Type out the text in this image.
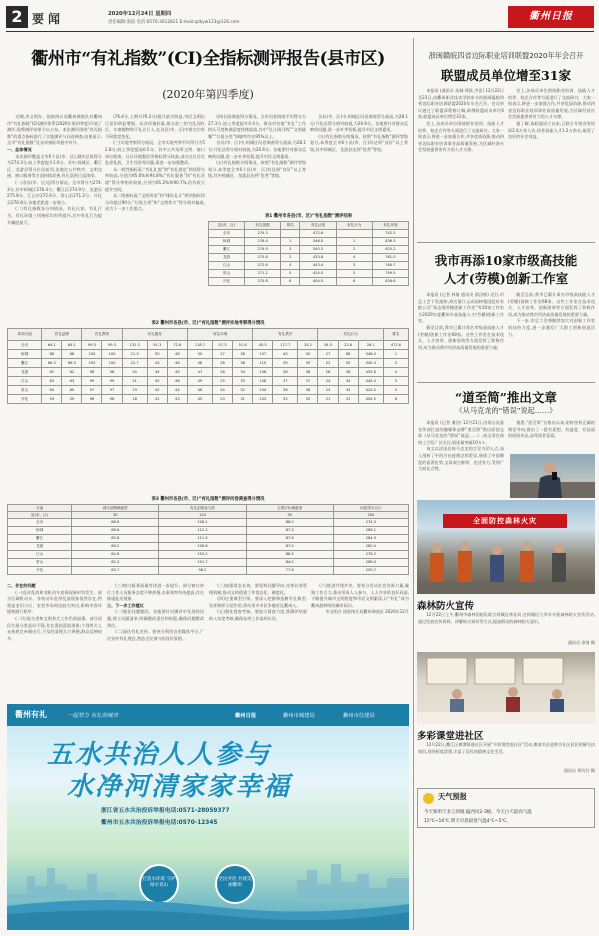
2 要闻	2020年12月24日 星期四
责任编辑:张拓 电话:0570-3012821 E-mail:qzbyw123@126.com
衢州日报
衢州市“有礼指数”(CI)全指标测评报告(县市区)
(2020年第四季度)

近期,市文明办、国家统计局衢州调查队对衢州市“有礼指数”(CI)测评体系(2020年第四季度)开展了测评,现将测评结果予以公布。本次测评围绕“有礼指数”的重点指标进行了实地测评与问卷调查,结果显示,全市“有礼指数”及各项指标均稳中有升。

一、总体情况

本次测评覆盖全市6个县(市、区),测评总体得分为274.3分,较上季度提升1.6分。其中,柯城区、衢江区、龙游县得分位居前列,各地在公共秩序、文明交通、窗口服务等方面持续改善,有礼氛围日益浓厚。

(一)各县(市、区)总得分情况。全市得分为274.3分,其中柯城区276.4分、衢江区274.9分、龙游县275.8分、江山市272.6分、常山县271.2分、开化县270.8分,各地差距进一步缩小。

(二)有礼指数各分项情况。有礼认知、有礼行为、有礼环境三项指标均有所提升,其中有礼行为提升幅度最大。

(76.4分,上期为76.2分)提升最为明显,市民文明出行意识明显增强。从各项指标看,排名前三的为乱闯红灯、车窗抛物和不礼让行人,在各县(市、区)中排名均有不同程度变化。

(三)实地考察得分情况。全市实地考察平均得分为52.8分,较上季度提高0.5分。其中公共场所文明、窗口单位服务、社区环境整治等指标得分较高,部分点位存在乱停乱放、卫生死角等问题,需进一步加强整改。

从一般性指标看,“有礼礼貌”和“有礼规范”两项得分率较高,分别为95.6%和94.8%;“有礼服务”和“有礼环境”得分率相对较低,分别为91.2%和90.7%,仍有较大提升空间。

从二级指标看,“文明用语”和“排队礼让”两项指标得分均超过90分,“垃圾分类”和“文明养犬”得分相对偏低,成为下一步工作重点。

(四)问卷调查得分情况。全市问卷调查平均得分为27.3分,较上季度提升0.4分。群众对各地“有礼”工作的认可度和满意度持续提高,其中“礼让斑马线”“文明就餐”“垃圾分类”知晓率均在95%以上。

各县(市、区)中,柯城区问卷调查得分最高,为28.1分;开化县得分相对较低,为26.6分。各地要针对群众反映的问题,进一步补齐短板,提升市民文明素质。

(五)有礼指数分级情况。按照“有礼指数”测评等级划分,本季度全市6个县(市、区)均达到“良好”以上等级,其中柯城区、龙游县达到“优秀”等级。

各县(市、区)中,柯城区问卷调查得分最高,为28.1分;开化县得分相对较低,为26.6分。各地要针对群众反映的问题,进一步补齐短板,提升市民文明素质。

(五)有礼指数分级情况。按照“有礼指数”测评等级划分,本季度全市6个县(市、区)均达到“良好”以上等级,其中柯城区、龙游县达到“优秀”等级。

表1 衢州市各县(市、区)“有礼指数”测评结果
县(市、区)	有礼指数	排名	有礼认知	有礼行为	有礼环境
全市	274.3		472.6		742.5
柯城	276.4	1	546.0	1	836.3
衢江	274.9	3	540.3	2	625.2
龙游	275.8	2	433.8	4	761.0
江山	272.6	4	443.4	3	764.7
常山	271.2	5	424.0	5	749.5
开化	270.8	6	404.5	6	626.6
表2 衢州市各县(市、区)“有礼指数”测评实地考察得分情况
单项分值	有礼品牌		有礼教育		有礼服务			有礼环境			有礼秩序			有礼行为			排名
全市	64.1	64.1	99.3	99.3	131.3	91.3	72.6	118.7	47.3	51.6	45.5	117.7	35.2	34.5	22.6	26.1	472.6
柯城	68	68	100	100	21.3	50	48	50	27	36	107	40	40	27	68	546.0	1
衢江	66.3	66.3	100	100	22.7	43	46	48	28	38	110	39	39	22	55	540.3	2
龙游	62	62	98	98	20	44	45	47	26	34	106	38	38	26	36	433.8	4
江山	63	63	99	99	21	45	46	49	25	33	108	37	37	24	34	443.4	3
常山	60	60	97	97	19	42	44	46	24	32	104	36	36	23	33	424.0	5
开化	59	59	96	96	18	41	43	45	23	31	103	35	35	21	31	404.5	6
表3 衢州市各县(市、区)“有礼指数”测评问卷调查得分情况
分值	城市品牌满意度	有礼创建参与度	主观评价满意度	问卷得分合计
县(市、区)	30	120	30	200
全市	86.8	106.1	88.0	274.3
柯城	88.6	112.2	87.3	288.1
衢江	85.8	111.5	87.6	284.9
龙游	86.2	106.8	87.0	280.0
江山	84.6	103.2	88.4	276.2
常山	82.3	101.7	84.0	268.0
开化	83.7	98.2	77.8	259.7

二、存在的问题

(一)乱停乱放和非机动车违规现象时有发生。部分区域机动车、非机动车乱停乱放现象依然存在,特别是老旧小区、农贸市场周边较为突出,影响市容环境和通行秩序。

(二)垃圾分类和文明养犬工作仍需加强。部分居民垃圾分类意识不强,存在混投混放现象;个别养犬人未按规定牵绳出行,不及时清理犬只粪便,群众反映较多。

(三)窗口服务质量有待进一步提升。部分窗口单位工作人员服务态度不够热情,办事效率有待提高,存在推诿扯皮现象。

三、下一步工作建议

(一)强化问题整改。各地要针对测评中发现的问题,建立问题清单,明确整改责任和时限,确保问题整改到位。

(二)深化有礼宣传。要充分利用各类媒体平台,广泛宣传有礼理念,营造全民参与的良好氛围。

(三)加强常态长效。要坚持问题导向,完善长效管理机制,推动文明创建工作常态化、制度化。

(四)注重典型引领。要深入挖掘和选树有礼典型,发挥榜样示范作用,带动更多市民争做有礼衢州人。

(五)强化督查考核。要加大督查力度,将测评结果纳入年度考核,确保各项工作落到实处。

(六)推进共建共享。要充分发动社会各界力量,凝聚工作合力,推动形成人人参与、人人共享的良好局面,不断提升城市文明程度和市民文明素质,让“有礼”成为衢州最鲜明的城市标识。

市文明办 国家统计局衢州调查队 2020年12月

衢州有礼	一起努力 有礼的城市	衢州日报	衢州市城建局	衢州市住建局
五水共治人人参与
水净河清家家幸福
浙江省五水共治投诉举报电话:0571-28059377
衢州市五水共治投诉举报电话:0570-12345
打造水环境 守护绿水青山
全民共治 共建美丽衢州
浙闽赣皖四省边际职业培训联盟2020年年会召开
联盟成员单位增至31家

本报讯 (通讯员 朱城 郑凯 洪雷) 12月22日至23日,由衢州职业技术学院牵头的浙闽赣皖四省边际职业培训联盟2020年年会召开。会议审议通过了联盟章程修订稿,新增联盟成员单位6家,联盟成员单位增至31家。

会上,各成员单位围绕职业培训、技能人才培养、校企合作等方面进行了交流研讨。大家一致表示,将进一步加强合作,共享优质资源,推动四省边际职业培训事业高质量发展,为区域经济社会发展提供更有力的人才支撑。

会上,各成员单位围绕职业培训、技能人才培养、校企合作等方面进行了交流研讨。大家一致表示,将进一步加强合作,共享优质资源,推动四省边际职业培训事业高质量发展,为区域经济社会发展提供更有力的人才支撑。

据了解,该联盟成立以来,已联合开展各类培训2.6万余人次,培养技能人才1.2万余名,取得了良好的社会效益。

我市再添10家市级高技能
人才(劳模)创新工作室

本报讯 (记者 林倩 通讯员 俞汉彬) 近日,市总工会下发通知,命名浙江元成园林集团股份有限公司“张志强劳模创新工作室”等10家工作室为2020年度衢州市高技能人才(劳模)创新工作室。

截至目前,我市已累计命名市级高技能人才(劳模)创新工作室68家。这些工作室在技术攻关、人才培养、创新创效等方面发挥了积极作用,成为推动我市经济高质量发展的重要力量。

截至目前,我市已累计命名市级高技能人才(劳模)创新工作室68家。这些工作室在技术攻关、人才培养、创新创效等方面发挥了积极作用,成为推动我市经济高质量发展的重要力量。

下一步,市总工会将继续加大对创新工作室的扶持力度,进一步激发广大职工创新创造活力。

“道至简”推出文章
《从马克龙的“错误”说起……》

本报讯 (记者 潘洁) 12月21日,由常山县委宣传部打造的融媒体品牌“道至简”推出原创文章《从马克龙的“错误”说起……》,该文章在网络上引发广泛关注,阅读量突破10万+。

该文以法国总统马克龙的言论为切入点,深入剖析了中西方抗疫理念的差异,展现了中国制度的显著优势,文章观点鲜明、论述有力,受到广大网友点赞。

据悉,“道至简”自推出以来,始终坚持正确的舆论导向,推出了一批有思想、有温度、有品质的原创作品,深受读者喜爱。

全面防控森林火灾
森林防火宣传

12月22日上午,衢州市森林消防队联合柯城区林业局,在柯城区九华乡开展森林防火宣传活动,通过发放宣传资料、讲解防火知识等方式,提高群众的森林防火意识。

通讯员 余琦 摄
多彩课堂进社区

12月22日,衢江区樟潭街道社区开展“多彩课堂进社区”活动,邀请书法老师为社区居民讲解书法知识,现场挥毫泼墨,丰富了居民的精神文化生活。

通讯员 郑巧红 摄
天气预报
今天和明天多云到晴,偏西风2-3级。今天白天最高气温
15℃~16℃,明天早晨最低气温4℃~5℃。
